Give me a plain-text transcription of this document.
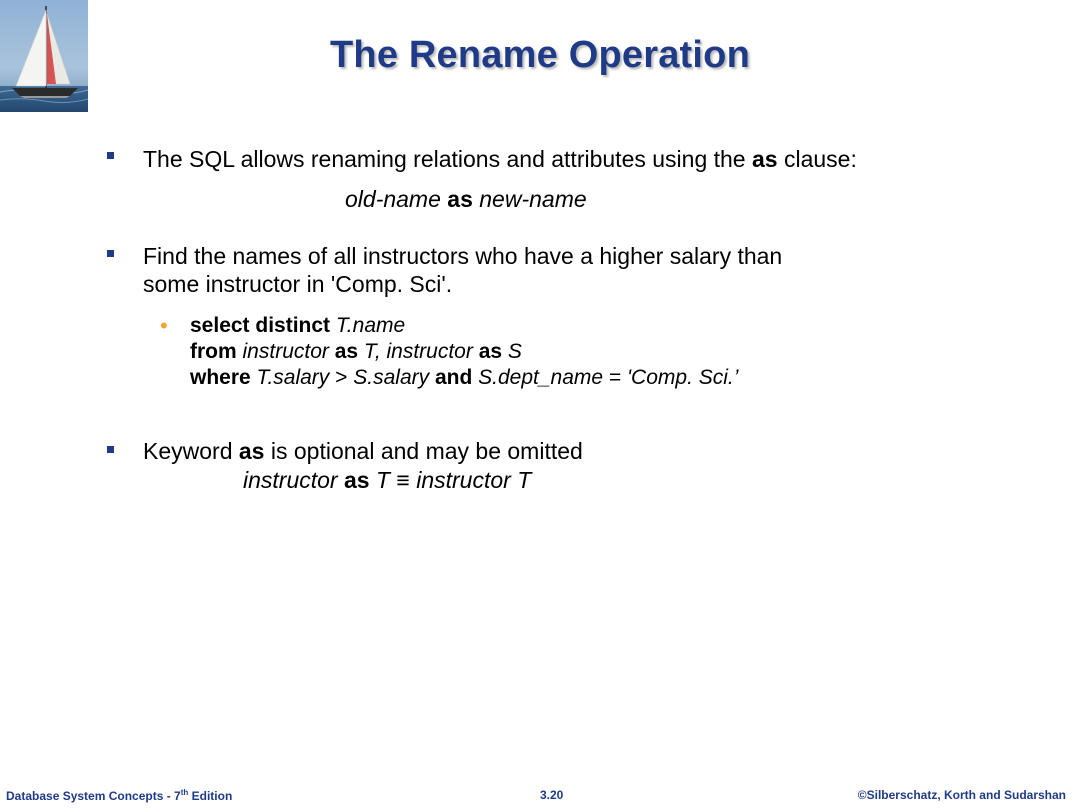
The Rename Operation
The SQL allows renaming relations and attributes using the as clause:
old-name as new-name
Find the names of all instructors who have a higher salary than
some instructor in 'Comp. Sci'.
• select distinct T.name
from instructor as T, instructor as S
where T.salary > S.salary and S.dept_name = 'Comp. Sci.’
Keyword as is optional and may be omitted
instructor as T ≡ instructor T
Database System Concepts - 7th Edition	3.20	©Silberschatz, Korth and Sudarshan
